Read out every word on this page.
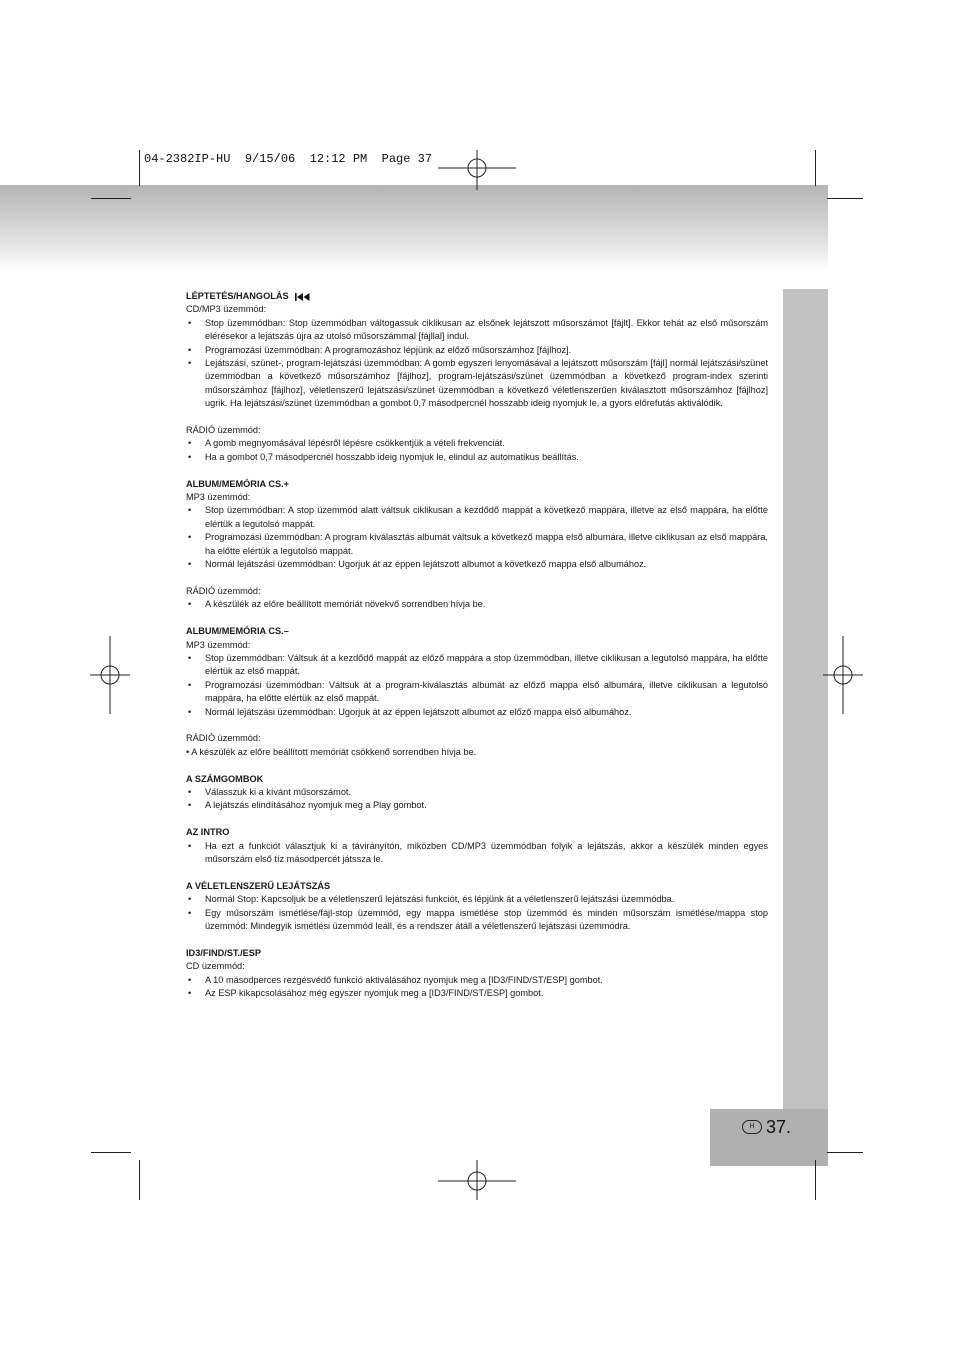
H 37.
04-2382IP-HU  9/15/06  12:12 PM  Page 37

LÉPTETÉS/HANGOLÁS

CD/MP3 üzemmód:

• Stop üzemmódban: Stop üzemmódban váltogassuk ciklikusan az elsőnek lejátszott műsorszámot [fájlt]. Ekkor tehát az első műsorszám elérésekor a lejátszás újra az utolsó műsorszámmal [fájllal] indul.
• Programozási üzemmódban: A programozáshoz lépjünk az előző műsorszámhoz [fájlhoz].
• Lejátszási, szünet-, program-lejátszási üzemmódban: A gomb egyszeri lenyomásával a lejátszott műsorszám [fájl] normál lejátszási/szünet üzemmódban a következő műsorszámhoz [fájlhoz], program-lejátszási/szünet üzemmódban a következő program-index szerinti műsorszámhoz [fájlhoz], véletlenszerű lejátszási/szünet üzemmódban a következő véletlenszerűen kiválasztott műsorszámhoz [fájlhoz] ugrik. Ha lejátszási/szünet üzemmódban a gombot 0,7 másodpercnél hosszabb ideig nyomjuk le, a gyors előrefutás aktiválódik.

RÁDIÓ üzemmód:

• A gomb megnyomásával lépésről lépésre csökkentjük a vételi frekvenciát.
• Ha a gombot 0,7 másodpercnél hosszabb ideig nyomjuk le, elindul az automatikus beállítás.

ALBUM/MEMÓRIA CS.+

MP3 üzemmód:

• Stop üzemmódban: A stop üzemmód alatt váltsuk ciklikusan a kezdődő mappát a következő mappára, illetve az első mappára, ha előtte elértük a legutolsó mappát.
• Programozási üzemmódban: A program kiválasztás albumát váltsuk a következő mappa első albumára, illetve ciklikusan az első mappára, ha előtte elértük a legutolsó mappát.
• Normál lejátszási üzemmódban: Ugorjuk át az éppen lejátszott albumot a következő mappa első albumához.

RÁDIÓ üzemmód:

• A készülék az előre beállított memóriát növekvő sorrendben hívja be.

ALBUM/MEMÓRIA CS.–

MP3 üzemmód:

• Stop üzemmódban: Váltsuk át a kezdődő mappát az előző mappára a stop üzemmódban, illetve ciklikusan a legutolsó mappára, ha előtte elértük az első mappát.
• Programozási üzemmódban: Váltsuk át a program-kiválasztás albumát az előző mappa első albumára, illetve ciklikusan a legutolsó mappára, ha előtte elértük az első mappát.
• Normál lejátszási üzemmódban: Ugorjuk át az éppen lejátszott albumot az előző mappa első albumához.

RÁDIÓ üzemmód:

• A készülék az előre beállított memóriát csökkenő sorrendben hívja be.

A SZÁMGOMBOK

• Válasszuk ki a kívánt műsorszámot.
• A lejátszás elindításához nyomjuk meg a Play gombot.

AZ INTRO

• Ha ezt a funkciót választjuk ki a távirányítón, miközben CD/MP3 üzemmódban folyik a lejátszás, akkor a készülék minden egyes műsorszám első tíz másodpercét játssza le.

A VÉLETLENSZERŰ LEJÁTSZÁS

• Normál Stop: Kapcsoljuk be a véletlenszerű lejátszási funkciót, és lépjünk át a véletlenszerű lejátszási üzemmódba.
• Egy műsorszám ismétlése/fájl-stop üzemmód, egy mappa ismétlése stop üzemmód és minden műsorszám ismétlése/mappa stop üzemmód: Mindegyik ismétlési üzemmód leáll, és a rendszer átáll a véletlenszerű lejátszási üzemmódra.

ID3/FIND/ST./ESP

CD üzemmód:

• A 10 másodperces rezgésvédő funkció aktiválásához nyomjuk meg a [ID3/FIND/ST/ESP] gombot.
• Az ESP kikapcsolásához még egyszer nyomjuk meg a [ID3/FIND/ST/ESP] gombot.
